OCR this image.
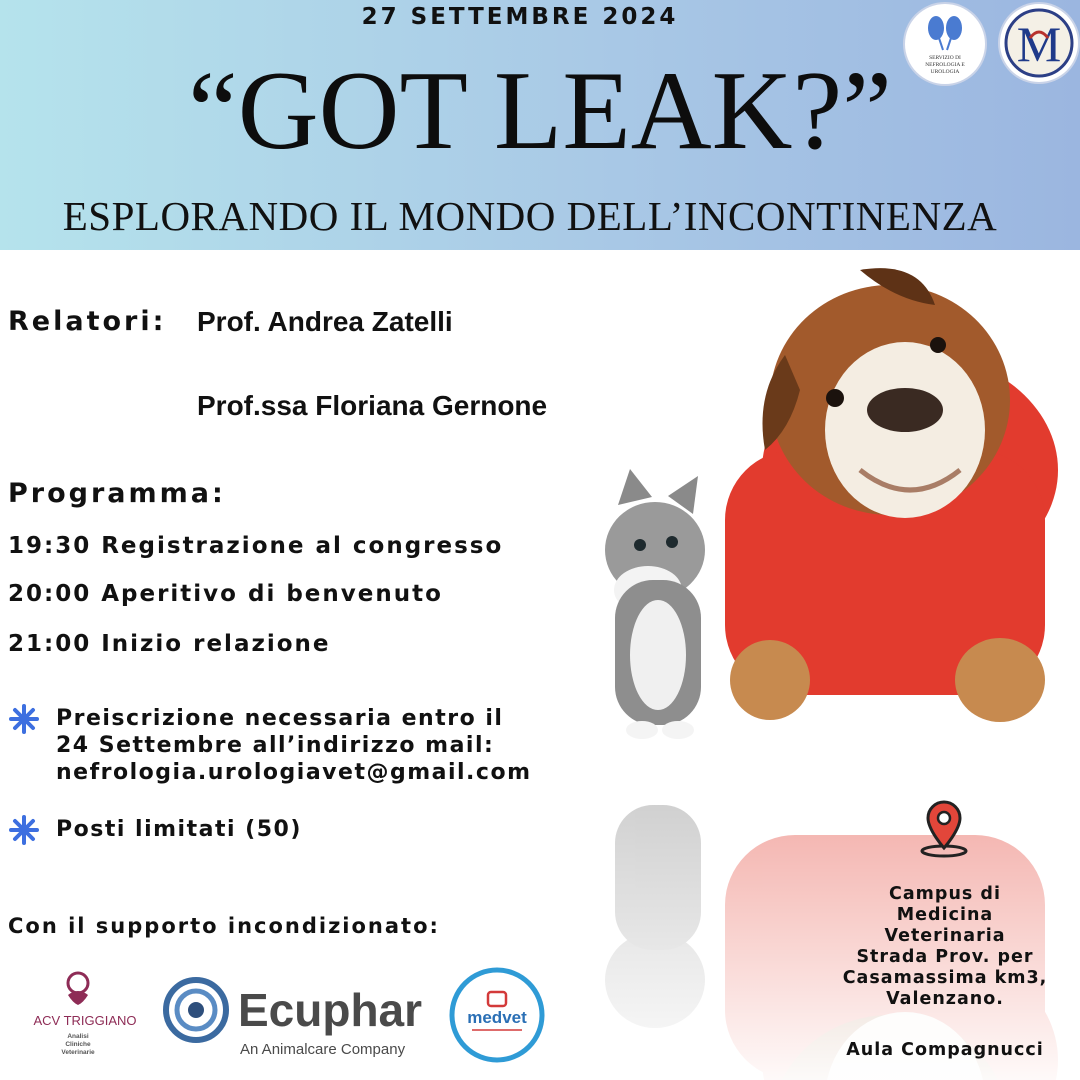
27 SETTEMBRE 2024
“GOT LEAK?”
ESPLORANDO IL MONDO DELL’INCONTINENZA
SERVIZIO DI
NEFROLOGIA E
UROLOGIA M
Relatori: Prof. Andrea Zatelli
Prof.ssa Floriana Gernone
Programma:
19:30 Registrazione al congresso
20:00 Aperitivo di benvenuto
21:00 Inizio relazione
Preiscrizione necessaria entro il
24 Settembre all’indirizzo mail:
nefrologia.urologiavet@gmail.com
Posti limitati (50)
Campus di
Medicina
Veterinaria
Strada Prov. per
Casamassima km3,
Valenzano.
Aula Compagnucci
Con il supporto incondizionato:
ACV TRIGGIANO
Analisi
Cliniche
Veterinarie
Ecuphar
An Animalcare Company
medvet
